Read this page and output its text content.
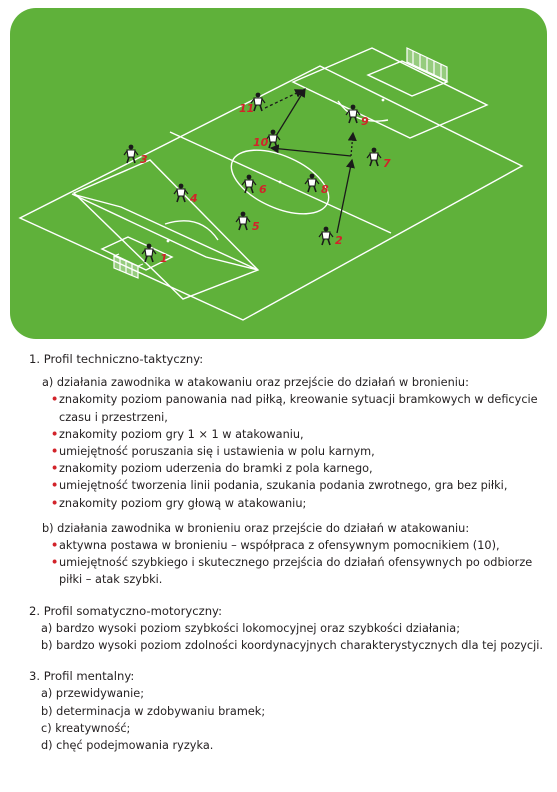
1
2
3
4
5
6
7
8
9
10
11

1. Profil techniczno-taktyczny:

a) działania zawodnika w atakowaniu oraz przejście do działań w bronieniu:
• znakomity poziom panowania nad piłką, kreowanie sytuacji bramkowych w deficycie
czasu i przestrzeni,
• znakomity poziom gry 1 × 1 w atakowaniu,
• umiejętność poruszania się i ustawienia w polu karnym,
• znakomity poziom uderzenia do bramki z pola karnego,
• umiejętność tworzenia linii podania, szukania podania zwrotnego, gra bez piłki,
• znakomity poziom gry głową w atakowaniu;
b) działania zawodnika w bronieniu oraz przejście do działań w atakowaniu:
• aktywna postawa w bronieniu – współpraca z ofensywnym pomocnikiem (10),
• umiejętność szybkiego i skutecznego przejścia do działań ofensywnych po odbiorze
piłki – atak szybki.

2. Profil somatyczno-motoryczny:

a) bardzo wysoki poziom szybkości lokomocyjnej oraz szybkości działania;
b) bardzo wysoki poziom zdolności koordynacyjnych charakterystycznych dla tej pozycji.

3. Profil mentalny:

a) przewidywanie;
b) determinacja w zdobywaniu bramek;
c) kreatywność;
d) chęć podejmowania ryzyka.
